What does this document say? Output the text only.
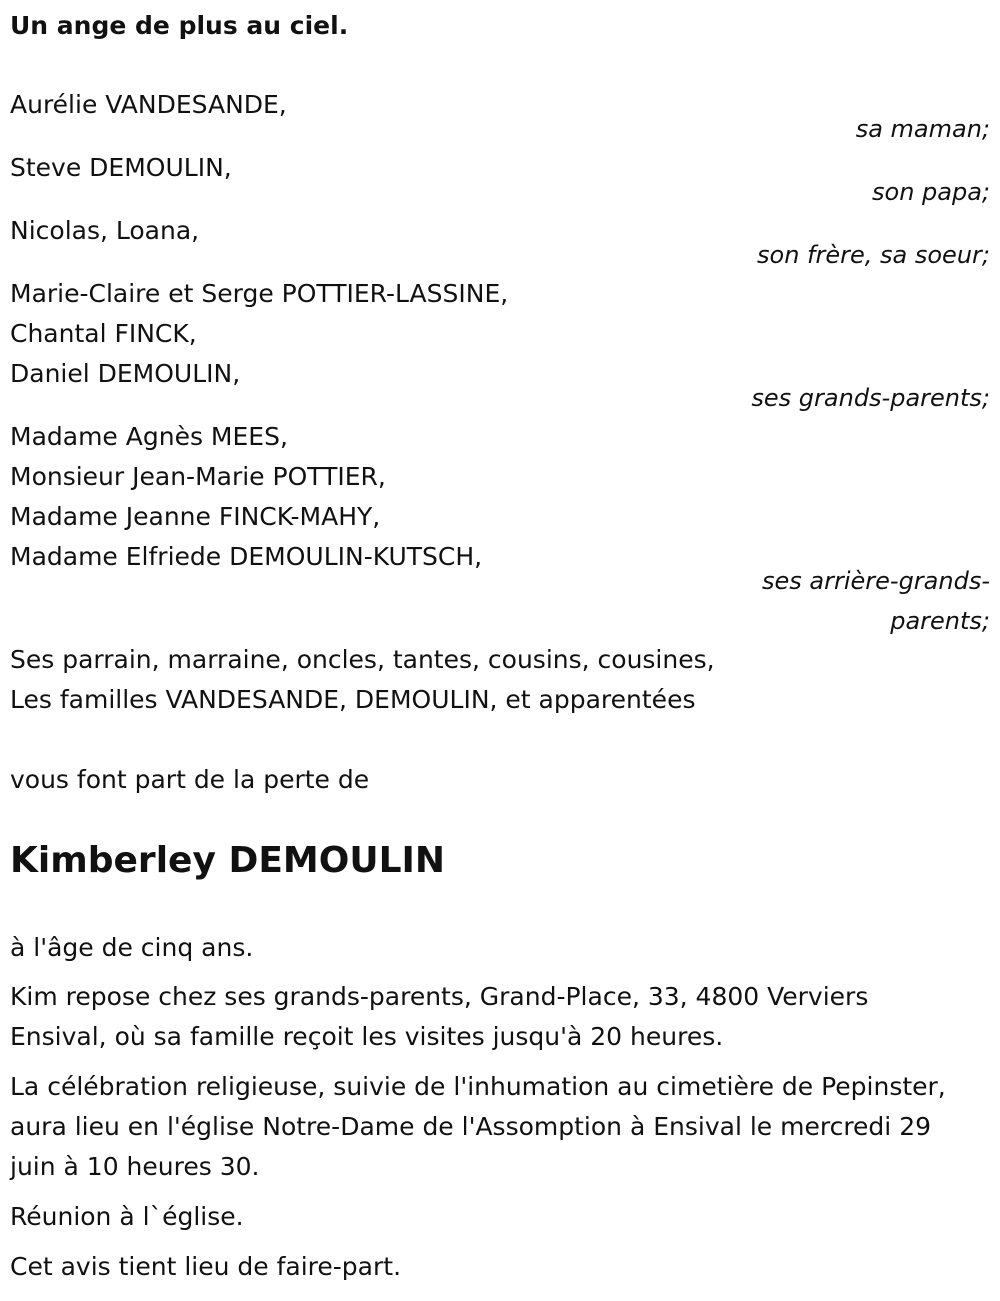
Un ange de plus au ciel.
Aurélie VANDESANDE,
sa maman;
Steve DEMOULIN,
son papa;
Nicolas, Loana,
son frère, sa soeur;
Marie-Claire et Serge POTTIER-LASSINE,
Chantal FINCK,
Daniel DEMOULIN,
ses grands-parents;
Madame Agnès MEES,
Monsieur Jean-Marie POTTIER,
Madame Jeanne FINCK-MAHY,
Madame Elfriede DEMOULIN-KUTSCH,
ses arrière-grands-
parents;
Ses parrain, marraine, oncles, tantes, cousins, cousines,
Les familles VANDESANDE, DEMOULIN, et apparentées
vous font part de la perte de
Kimberley DEMOULIN
à l'âge de cinq ans.
Kim repose chez ses grands-parents, Grand-Place, 33, 4800 Verviers Ensival, où sa famille reçoit les visites jusqu'à 20 heures.
La célébration religieuse, suivie de l'inhumation au cimetière de Pepinster, aura lieu en l'église Notre-Dame de l'Assomption à Ensival le mercredi 29 juin à 10 heures 30.
Réunion à l`église.
Cet avis tient lieu de faire-part.
